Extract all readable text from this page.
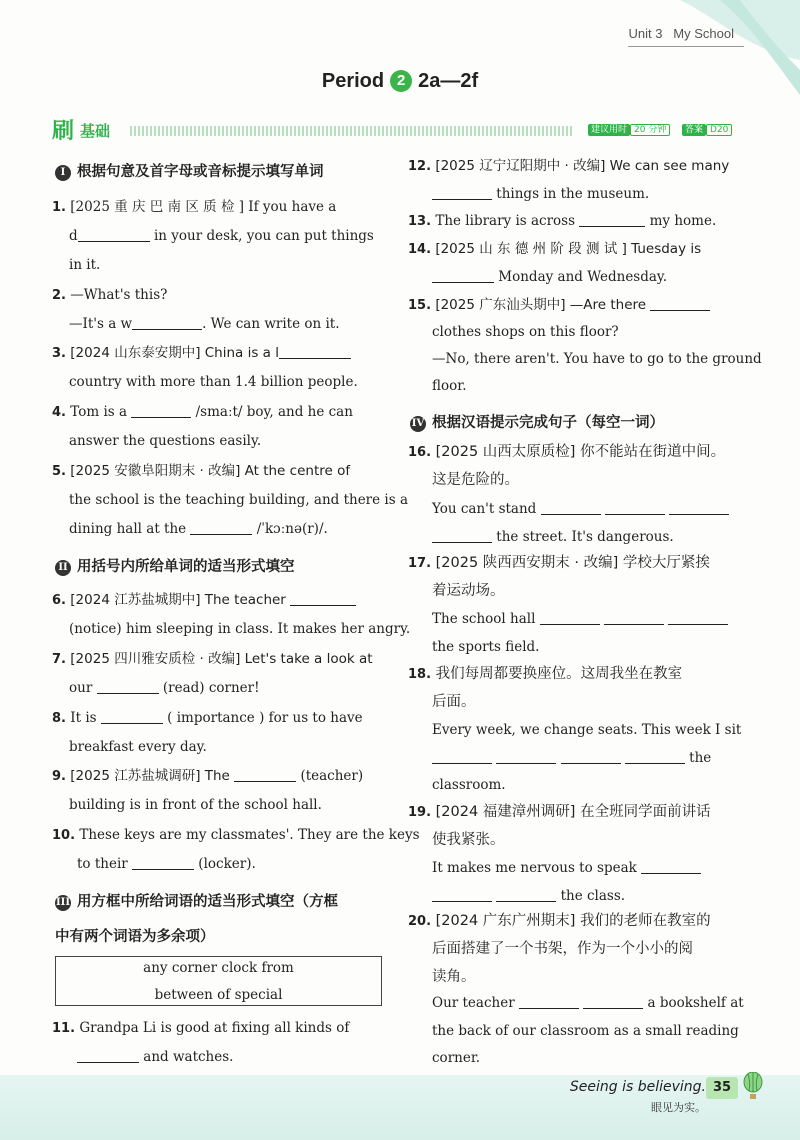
Unit 3 My School
Period 2 2a—2f
刷 基础	建议用时 20 分钟	答案 D20
I 根据句意及首字母或音标提示填写单词
1. [2025 重 庆 巴 南 区 质 检 ] If you have a
d	in your desk, you can put things
in it.
2. —What's this?
—It's a w	. We can write on it.
3. [2024 山东泰安期中] China is a l
country with more than 1.4 billion people.
4. Tom is a	/smaːt/ boy, and he can
answer the questions easily.
5. [2025 安徽阜阳期末 · 改编] At the centre of
the school is the teaching building, and there is a
dining hall at the	/ˈkɔːnə(r)/.
II 用括号内所给单词的适当形式填空
6. [2024 江苏盐城期中] The teacher
(notice) him sleeping in class. It makes her angry.
7. [2025 四川雅安质检 · 改编] Let's take a look at
our	(read) corner!
8. It is	( importance ) for us to have
breakfast every day.
9. [2025 江苏盐城调研] The	(teacher)
building is in front of the school hall.
10. These keys are my classmates'. They are the keys
to their	(locker).
III 用方框中所给词语的适当形式填空（方框
中有两个词语为多余项）
any corner clock from
between of special
11. Grandpa Li is good at fixing all kinds of
and watches.
12. [2025 辽宁辽阳期中 · 改编] We can see many
things in the museum.
13. The library is across	my home.
14. [2025 山 东 德 州 阶 段 测 试 ] Tuesday is
Monday and Wednesday.
15. [2025 广东汕头期中] —Are there
clothes shops on this floor?
—No, there aren't. You have to go to the ground
floor.
IV 根据汉语提示完成句子（每空一词）
16. [2025 山西太原质检] 你不能站在街道中间。
这是危险的。
You can't stand
the street. It's dangerous.
17. [2025 陕西西安期末 · 改编] 学校大厅紧挨
着运动场。
The school hall
the sports field.
18. 我们每周都要换座位。这周我坐在教室
后面。
Every week, we change seats. This week I sit
the
classroom.
19. [2024 福建漳州调研] 在全班同学面前讲话
使我紧张。
It makes me nervous to speak
the class.
20. [2024 广东广州期末] 我们的老师在教室的
后面搭建了一个书架，作为一个小小的阅
读角。
Our teacher	a bookshelf at
the back of our classroom as a small reading
corner.
Seeing is believing.
眼见为实。
35
